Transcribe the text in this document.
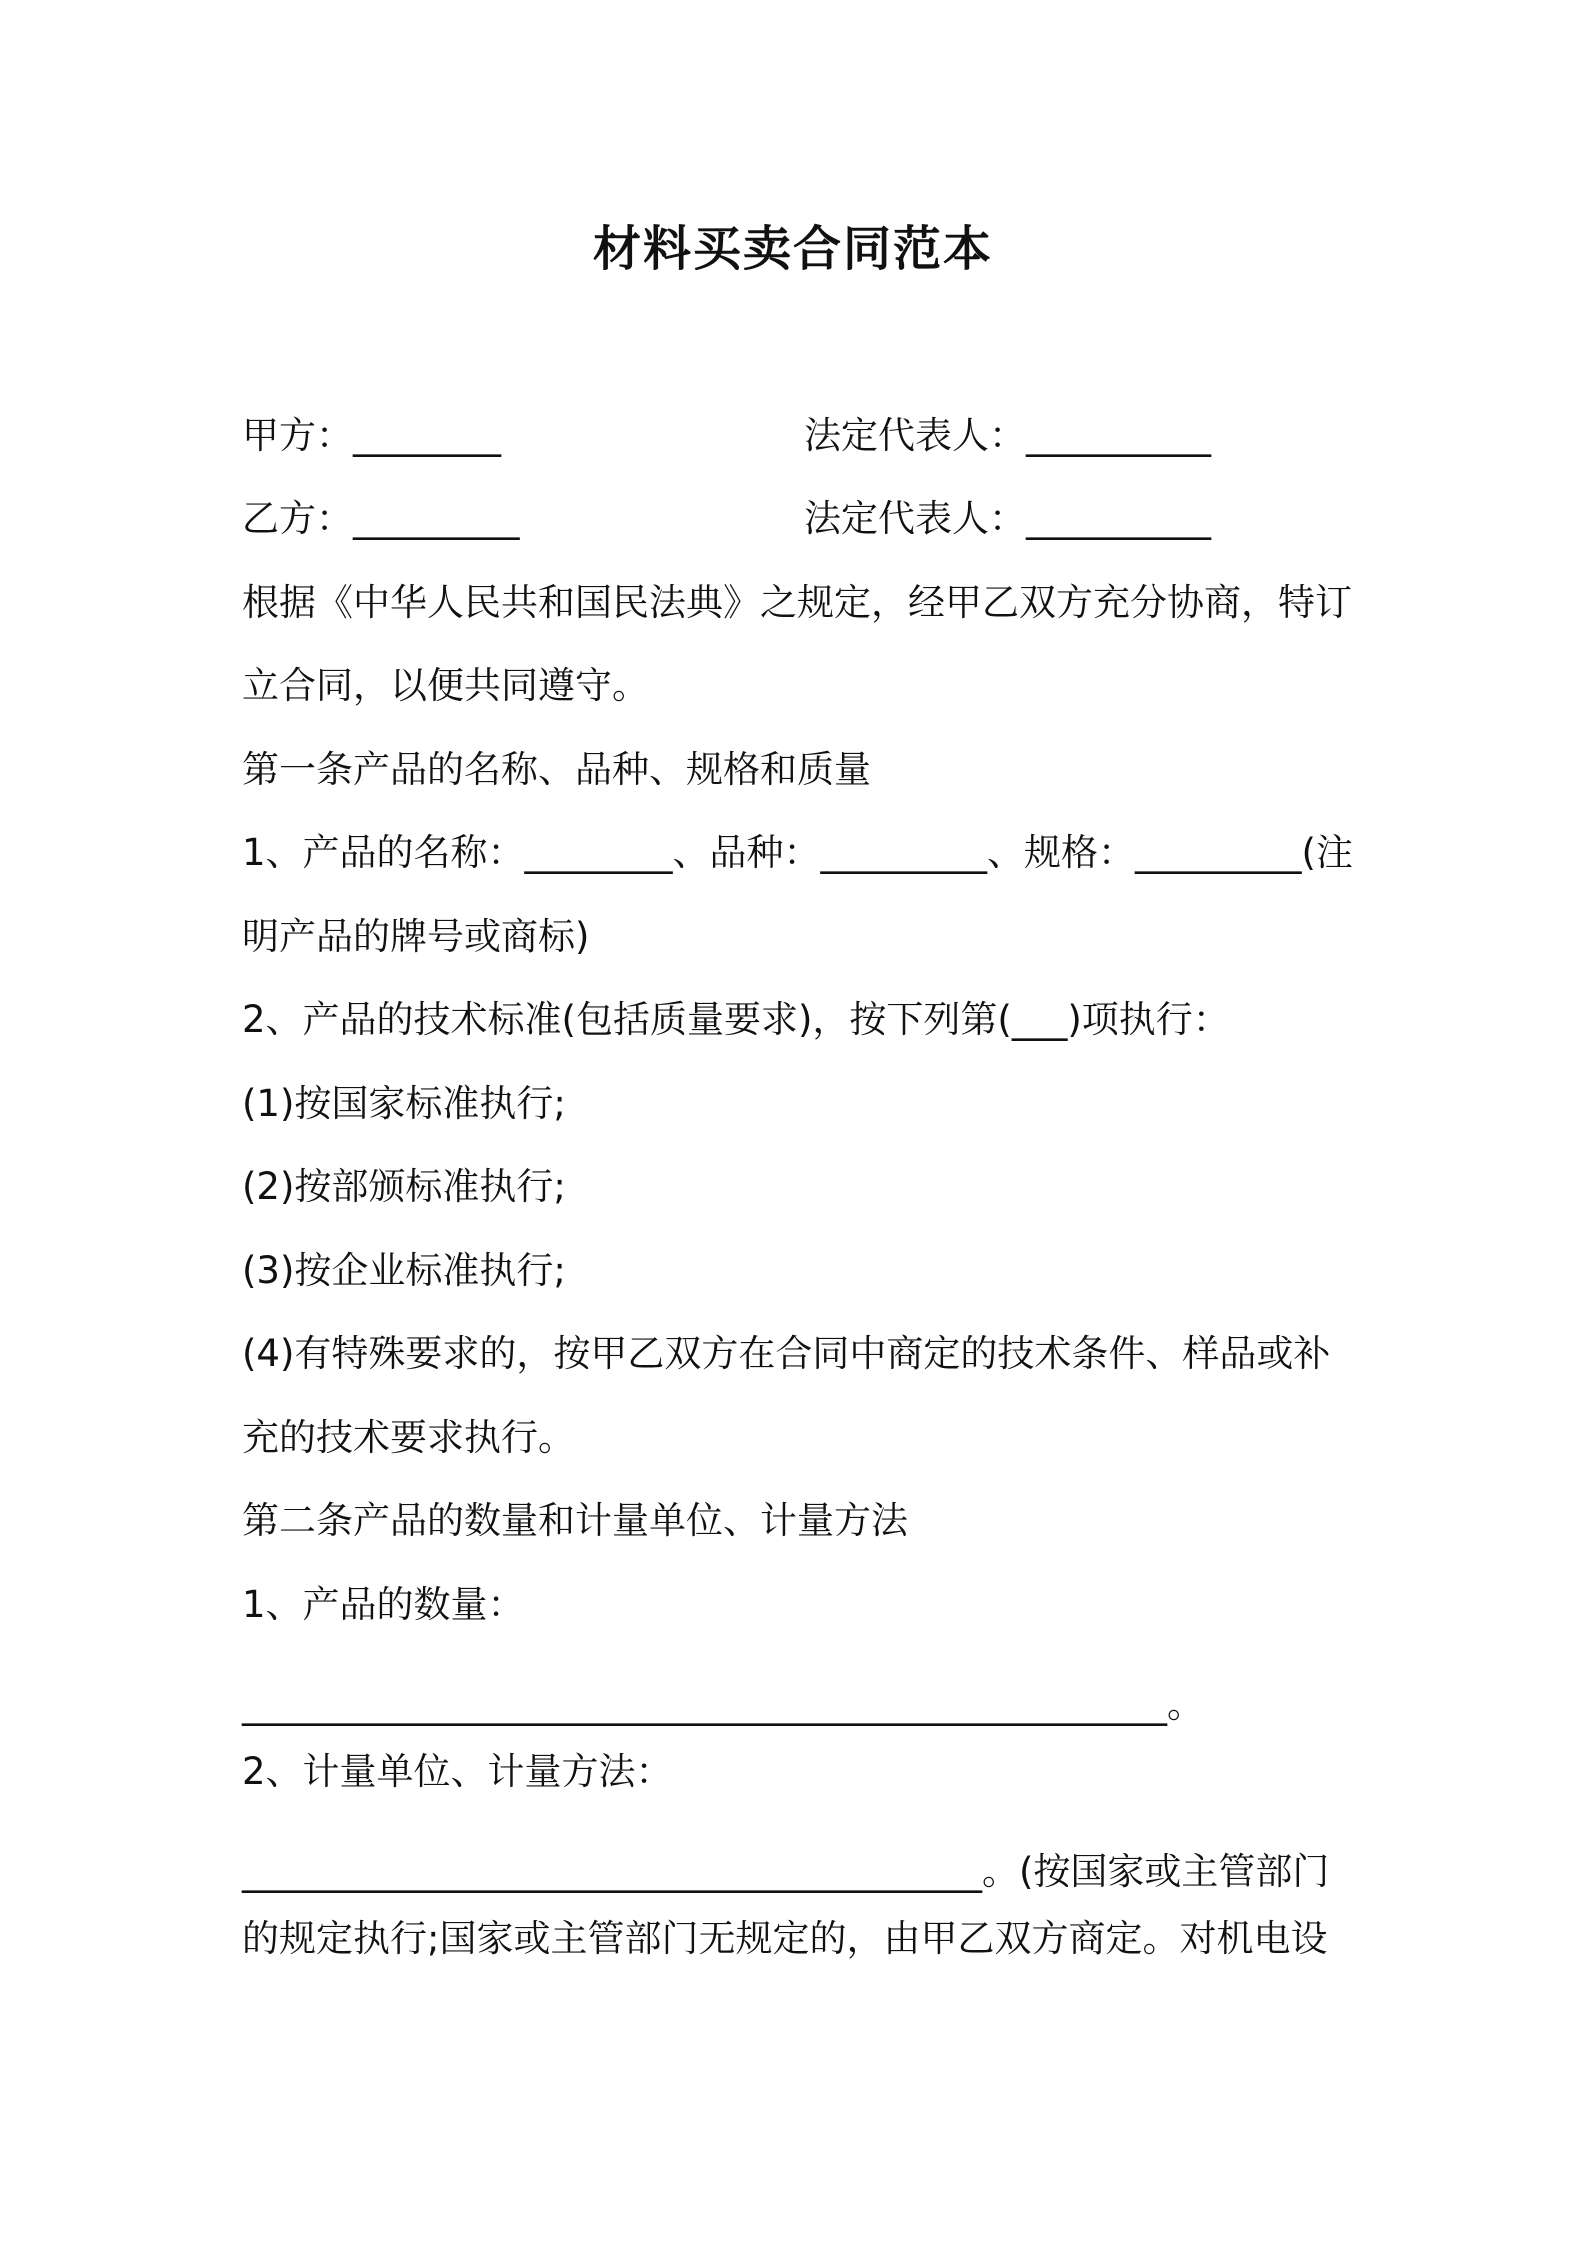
材料买卖合同范本
甲方：________	法定代表人：__________
乙方：_________	法定代表人：__________
根据《中华人民共和国民法典》之规定，经甲乙双方充分协商，特订
立合同，以便共同遵守。
第一条产品的名称、品种、规格和质量
1、产品的名称：________、品种：_________、规格：_________(注
明产品的牌号或商标)
2、产品的技术标准(包括质量要求)，按下列第(___)项执行：
(1)按国家标准执行;
(2)按部颁标准执行;
(3)按企业标准执行;
(4)有特殊要求的，按甲乙双方在合同中商定的技术条件、样品或补
充的技术要求执行。
第二条产品的数量和计量单位、计量方法
1、产品的数量：
__________________________________________________。
2、计量单位、计量方法：
________________________________________。(按国家或主管部门
的规定执行;国家或主管部门无规定的，由甲乙双方商定。对机电设
